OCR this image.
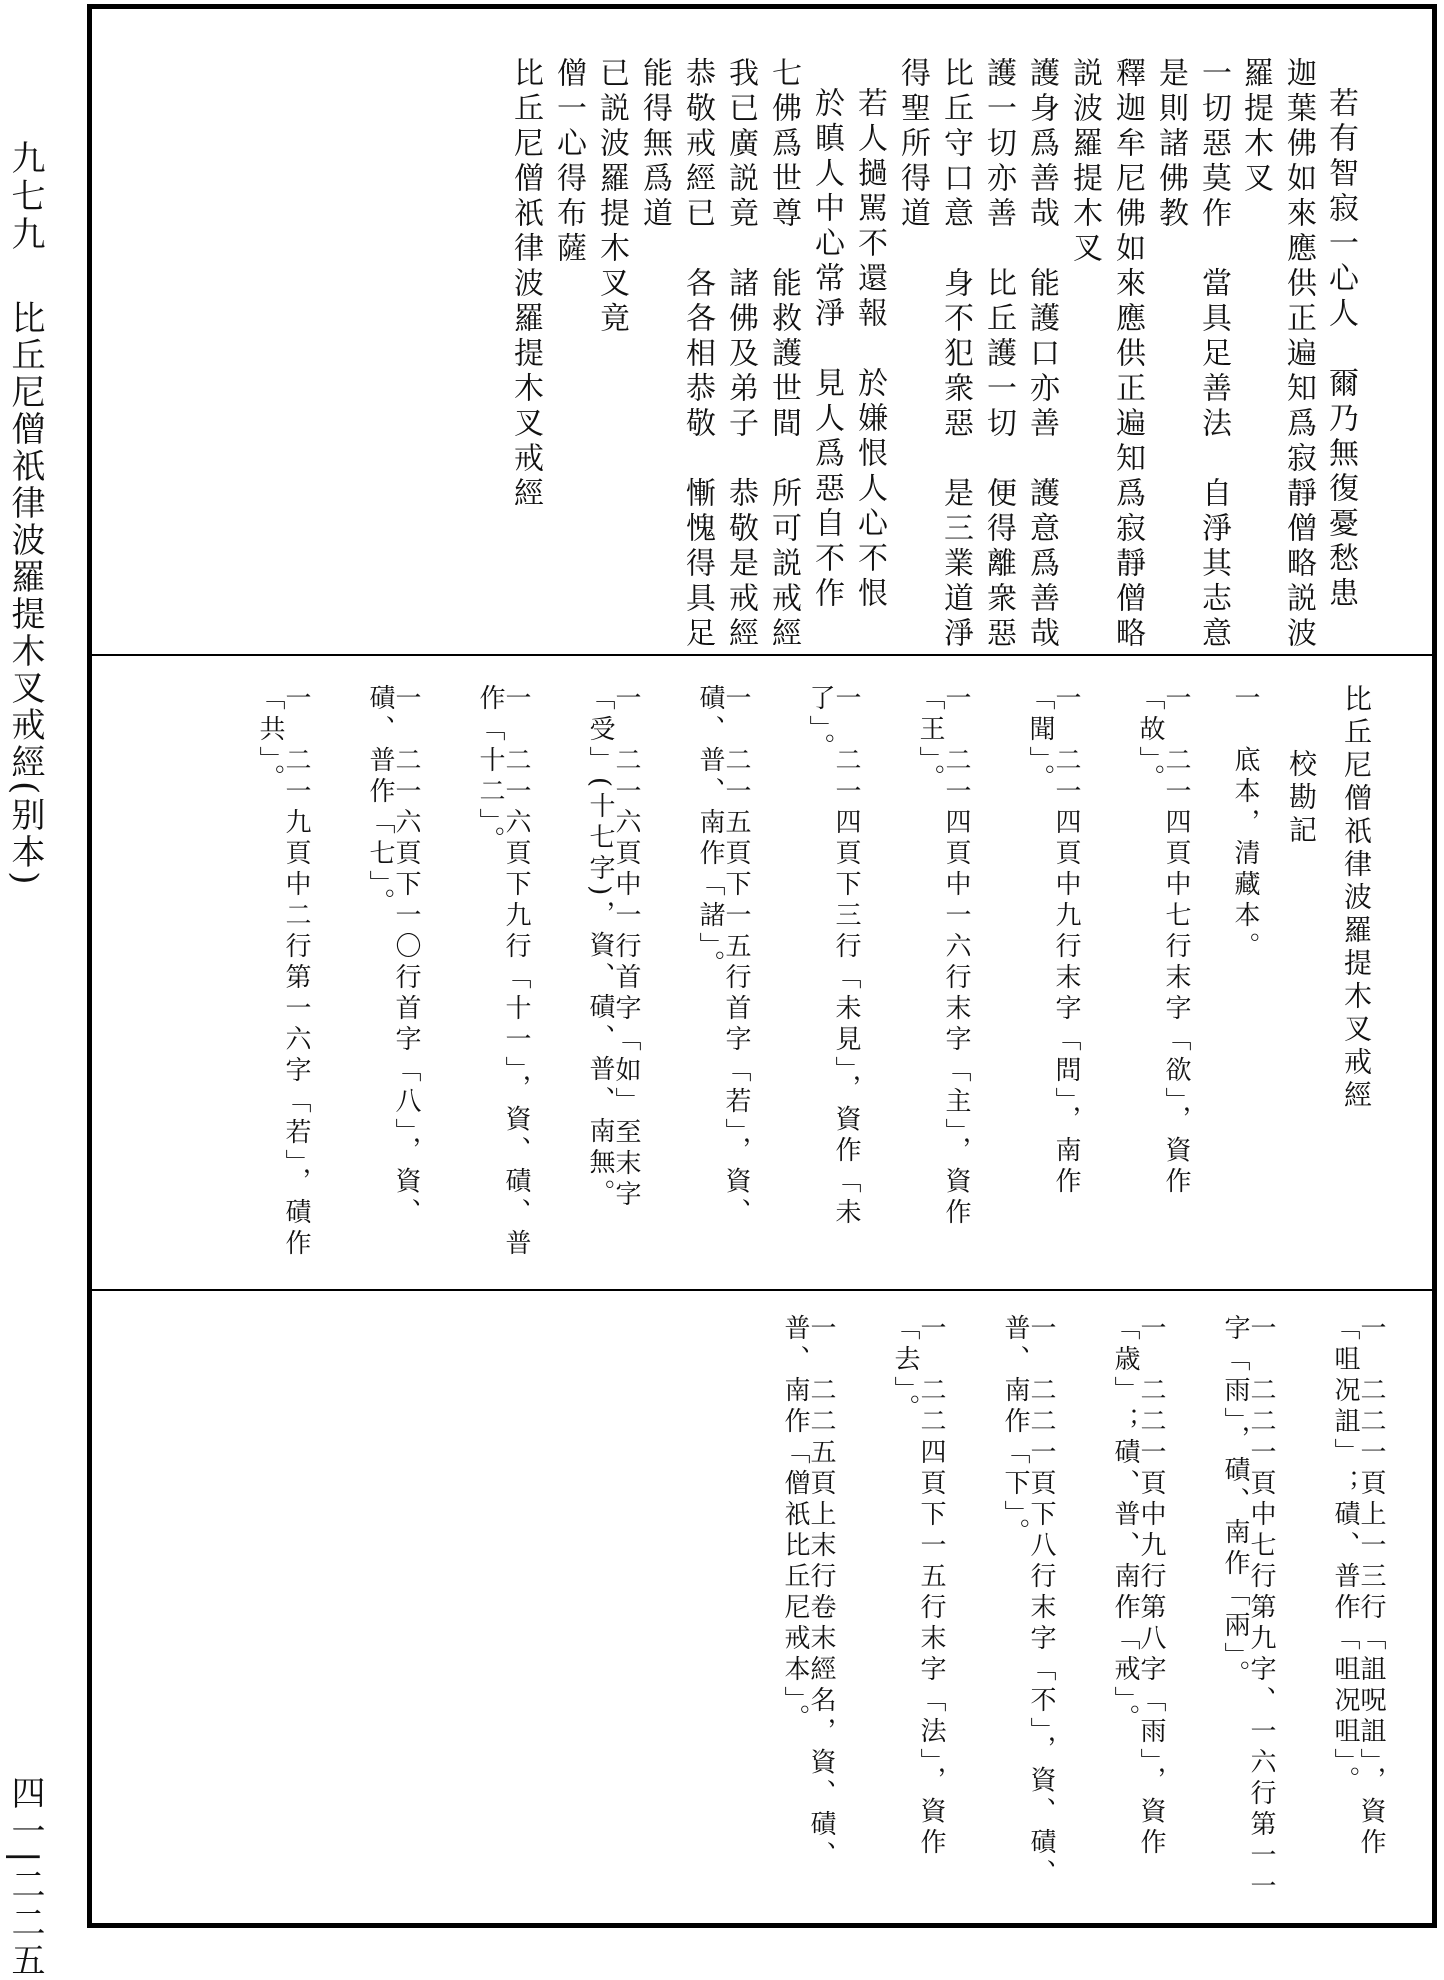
九七九
比丘尼僧祇律波羅提木叉戒經(别本)
四一|二二五
若有智寂一心人　爾乃無復憂愁患
迦葉佛如來應供正遍知爲寂靜僧略説波
羅提木叉
一切惡莫作　當具足善法　自淨其志意
是則諸佛教
釋迦牟尼佛如來應供正遍知爲寂靜僧略
説波羅提木叉
護身爲善哉　能護口亦善　護意爲善哉
護一切亦善　比丘護一切　便得離衆惡
比丘守口意　身不犯衆惡　是三業道淨
得聖所得道
若人撾駡不還報　於嫌恨人心不恨
於瞋人中心常淨　見人爲惡自不作
七佛爲世尊　能救護世間　所可説戒經
我已廣説竟　諸佛及弟子　恭敬是戒經
恭敬戒經已　各各相恭敬　慚愧得具足
能得無爲道
已説波羅提木叉竟
僧一心得布薩
比丘尼僧祇律波羅提木叉戒經
比丘尼僧祇律波羅提木叉戒經
校勘記
一　底本，清藏本。
一　二一四頁中七行末字「欲」，資作「故」。
一　二一四頁中九行末字「問」，南作「聞」。
一　二一四頁中一六行末字「主」，資作「王」。
一　二一四頁下三行「未見」，資作「未了」。
一　二一五頁下一五行首字「若」，資、磧、普、南作「諸」。
一　二一六頁中一行首字「如」至末字「受」(十七字)，資、磧、普、南無。
一　二一六頁下九行「十一」，資、磧、普作「十二」。
一　二一六頁下一〇行首字「八」，資、磧、普作「七」。
一　二一九頁中二行第一六字「若」，磧作「共」。
一　二二一頁上一三行「詛呪詛」，資作「咀况詛」；磧、普作「咀况咀」。
一　二二一頁中七行第九字、一六行第一一字「雨」，磧、南作「兩」。
一　二二一頁中九行第八字「雨」，資作「歳」；磧、普、南作「戒」。
一　二二一頁下八行末字「不」，資、磧、普、南作「下」。
一　二二四頁下一五行末字「法」，資作「去」。
一　二二五頁上末行卷末經名，資、磧、普、南作「僧祇比丘尼戒本」。
